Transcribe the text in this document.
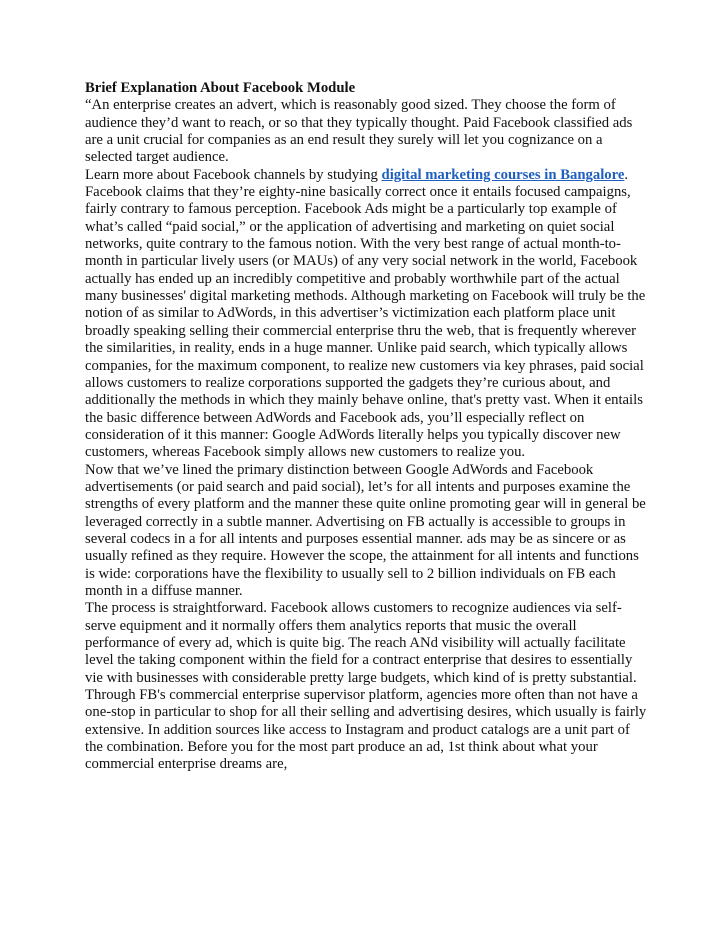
Brief Explanation About Facebook Module

“An enterprise creates an advert, which is reasonably good sized. They choose the form of audience they’d want to reach, or so that they typically thought. Paid Facebook classified ads are a unit crucial for companies as an end result they surely will let you cognizance on a selected target audience.

Learn more about Facebook channels by studying digital marketing courses in Bangalore.

Facebook claims that they’re eighty-nine basically correct once it entails focused campaigns, fairly contrary to famous perception. Facebook Ads might be a particularly top example of what’s called “paid social,” or the application of advertising and marketing on quiet social networks, quite contrary to the famous notion. With the very best range of actual month-to-month in particular lively users (or MAUs) of any very social network in the world, Facebook actually has ended up an incredibly competitive and probably worthwhile part of the actual many businesses' digital marketing methods. Although marketing on Facebook will truly be the notion of as similar to AdWords, in this advertiser’s victimization each platform place unit broadly speaking selling their commercial enterprise thru the web, that is frequently wherever the similarities, in reality, ends in a huge manner. Unlike paid search, which typically allows companies, for the maximum component, to realize new customers via key phrases, paid social allows customers to realize corporations supported the gadgets they’re curious about, and additionally the methods in which they mainly behave online, that's pretty vast. When it entails the basic difference between AdWords and Facebook ads, you’ll especially reflect on consideration of it this manner: Google AdWords literally helps you typically discover new customers, whereas Facebook simply allows new customers to realize you.

Now that we’ve lined the primary distinction between Google AdWords and Facebook advertisements (or paid search and paid social), let’s for all intents and purposes examine the strengths of every platform and the manner these quite online promoting gear will in general be leveraged correctly in a subtle manner. Advertising on FB actually is accessible to groups in several codecs in a for all intents and purposes essential manner. ads may be as sincere or as usually refined as they require. However the scope, the attainment for all intents and functions is wide: corporations have the flexibility to usually sell to 2 billion individuals on FB each month in a diffuse manner.

The process is straightforward. Facebook allows customers to recognize audiences via self-serve equipment and it normally offers them analytics reports that music the overall performance of every ad, which is quite big. The reach ANd visibility will actually facilitate level the taking component within the field for a contract enterprise that desires to essentially vie with businesses with considerable pretty large budgets, which kind of is pretty substantial. Through FB's commercial enterprise supervisor platform, agencies more often than not have a one-stop in particular to shop for all their selling and advertising desires, which usually is fairly extensive. In addition sources like access to Instagram and product catalogs are a unit part of the combination. Before you for the most part produce an ad, 1st think about what your commercial enterprise dreams are,
